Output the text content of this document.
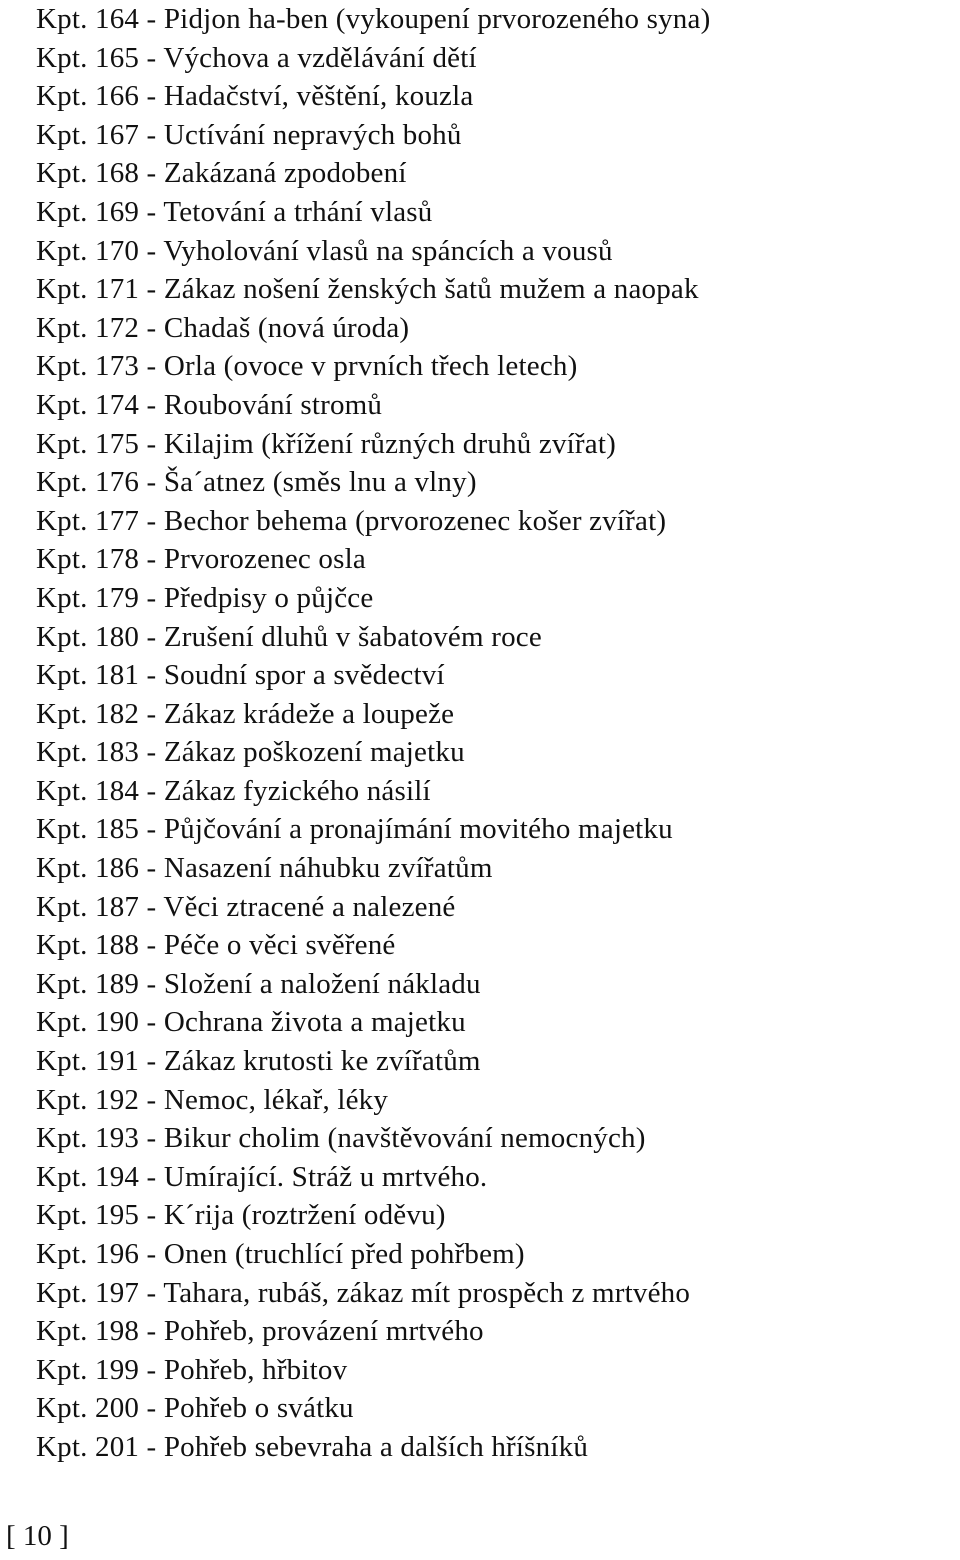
Kpt. 164 - Pidjon ha-ben (vykoupení prvorozeného syna)
Kpt. 165 - Výchova a vzdělávání dětí
Kpt. 166 - Hadačství, věštění, kouzla
Kpt. 167 - Uctívání nepravých bohů
Kpt. 168 - Zakázaná zpodobení
Kpt. 169 - Tetování a trhání vlasů
Kpt. 170 - Vyholování vlasů na spáncích a vousů
Kpt. 171 - Zákaz nošení ženských šatů mužem a naopak
Kpt. 172 - Chadaš (nová úroda)
Kpt. 173 - Orla (ovoce v prvních třech letech)
Kpt. 174 - Roubování stromů
Kpt. 175 - Kilajim (křížení různých druhů zvířat)
Kpt. 176 - Ša´atnez (směs lnu a vlny)
Kpt. 177 - Bechor behema (prvorozenec košer zvířat)
Kpt. 178 - Prvorozenec osla
Kpt. 179 - Předpisy o půjčce
Kpt. 180 - Zrušení dluhů v šabatovém roce
Kpt. 181 - Soudní spor a svědectví
Kpt. 182 - Zákaz krádeže a loupeže
Kpt. 183 - Zákaz poškození majetku
Kpt. 184 - Zákaz fyzického násilí
Kpt. 185 - Půjčování a pronajímání movitého majetku
Kpt. 186 - Nasazení náhubku zvířatům
Kpt. 187 - Věci ztracené a nalezené
Kpt. 188 - Péče o věci svěřené
Kpt. 189 - Složení a naložení nákladu
Kpt. 190 - Ochrana života a majetku
Kpt. 191 - Zákaz krutosti ke zvířatům
Kpt. 192 - Nemoc, lékař, léky
Kpt. 193 - Bikur cholim (navštěvování nemocných)
Kpt. 194 - Umírající. Stráž u mrtvého.
Kpt. 195 - K´rija (roztržení oděvu)
Kpt. 196 - Onen (truchlící před pohřbem)
Kpt. 197 - Tahara, rubáš, zákaz mít prospěch z mrtvého
Kpt. 198 - Pohřeb, provázení mrtvého
Kpt. 199 - Pohřeb, hřbitov
Kpt. 200 - Pohřeb o svátku
Kpt. 201 - Pohřeb sebevraha a dalších hříšníků
[ 10 ]
